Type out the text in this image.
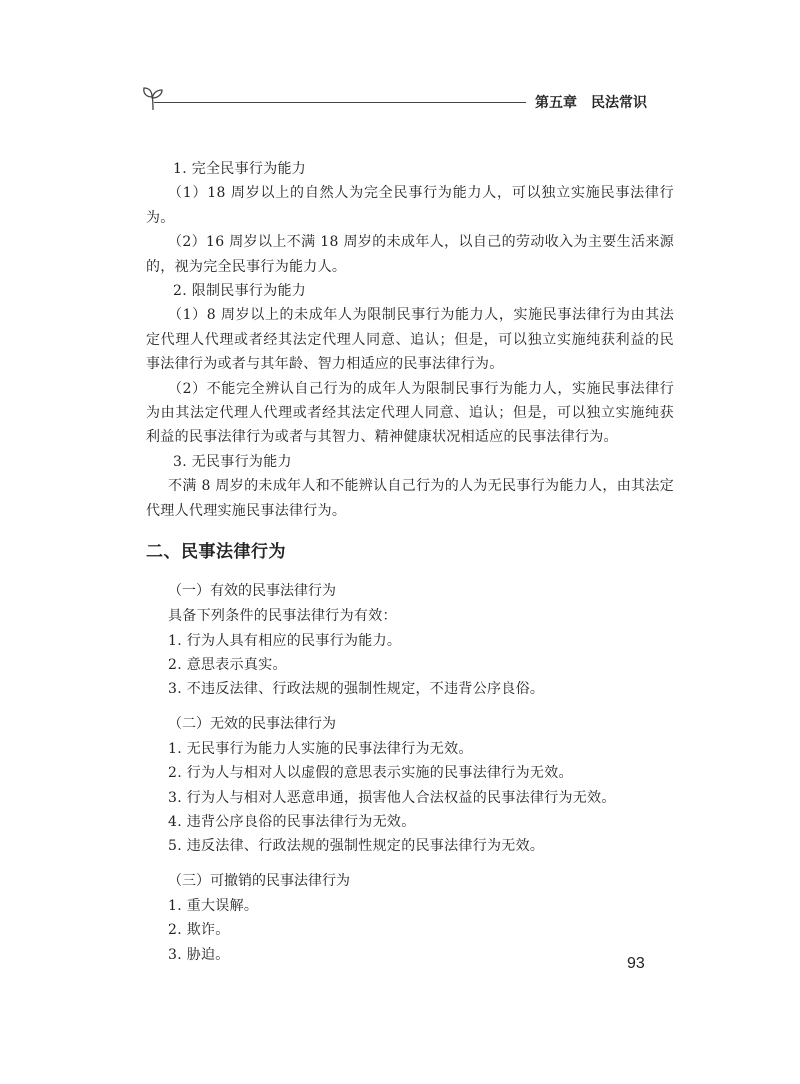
第五章　民法常识

1. 完全民事行为能力

（1）18 周岁以上的自然人为完全民事行为能力人，可以独立实施民事法律行为。

（2）16 周岁以上不满 18 周岁的未成年人，以自己的劳动收入为主要生活来源的，视为完全民事行为能力人。

2. 限制民事行为能力

（1）8 周岁以上的未成年人为限制民事行为能力人，实施民事法律行为由其法定代理人代理或者经其法定代理人同意、追认；但是，可以独立实施纯获利益的民事法律行为或者与其年龄、智力相适应的民事法律行为。

（2）不能完全辨认自己行为的成年人为限制民事行为能力人，实施民事法律行为由其法定代理人代理或者经其法定代理人同意、追认；但是，可以独立实施纯获利益的民事法律行为或者与其智力、精神健康状况相适应的民事法律行为。

3. 无民事行为能力

不满 8 周岁的未成年人和不能辨认自己行为的人为无民事行为能力人，由其法定代理人代理实施民事法律行为。

二、民事法律行为
（一）有效的民事法律行为

具备下列条件的民事法律行为有效：

1. 行为人具有相应的民事行为能力。

2. 意思表示真实。

3. 不违反法律、行政法规的强制性规定，不违背公序良俗。

（二）无效的民事法律行为

1. 无民事行为能力人实施的民事法律行为无效。

2. 行为人与相对人以虚假的意思表示实施的民事法律行为无效。

3. 行为人与相对人恶意串通，损害他人合法权益的民事法律行为无效。

4. 违背公序良俗的民事法律行为无效。

5. 违反法律、行政法规的强制性规定的民事法律行为无效。

（三）可撤销的民事法律行为

1. 重大误解。

2. 欺诈。

3. 胁迫。

93
